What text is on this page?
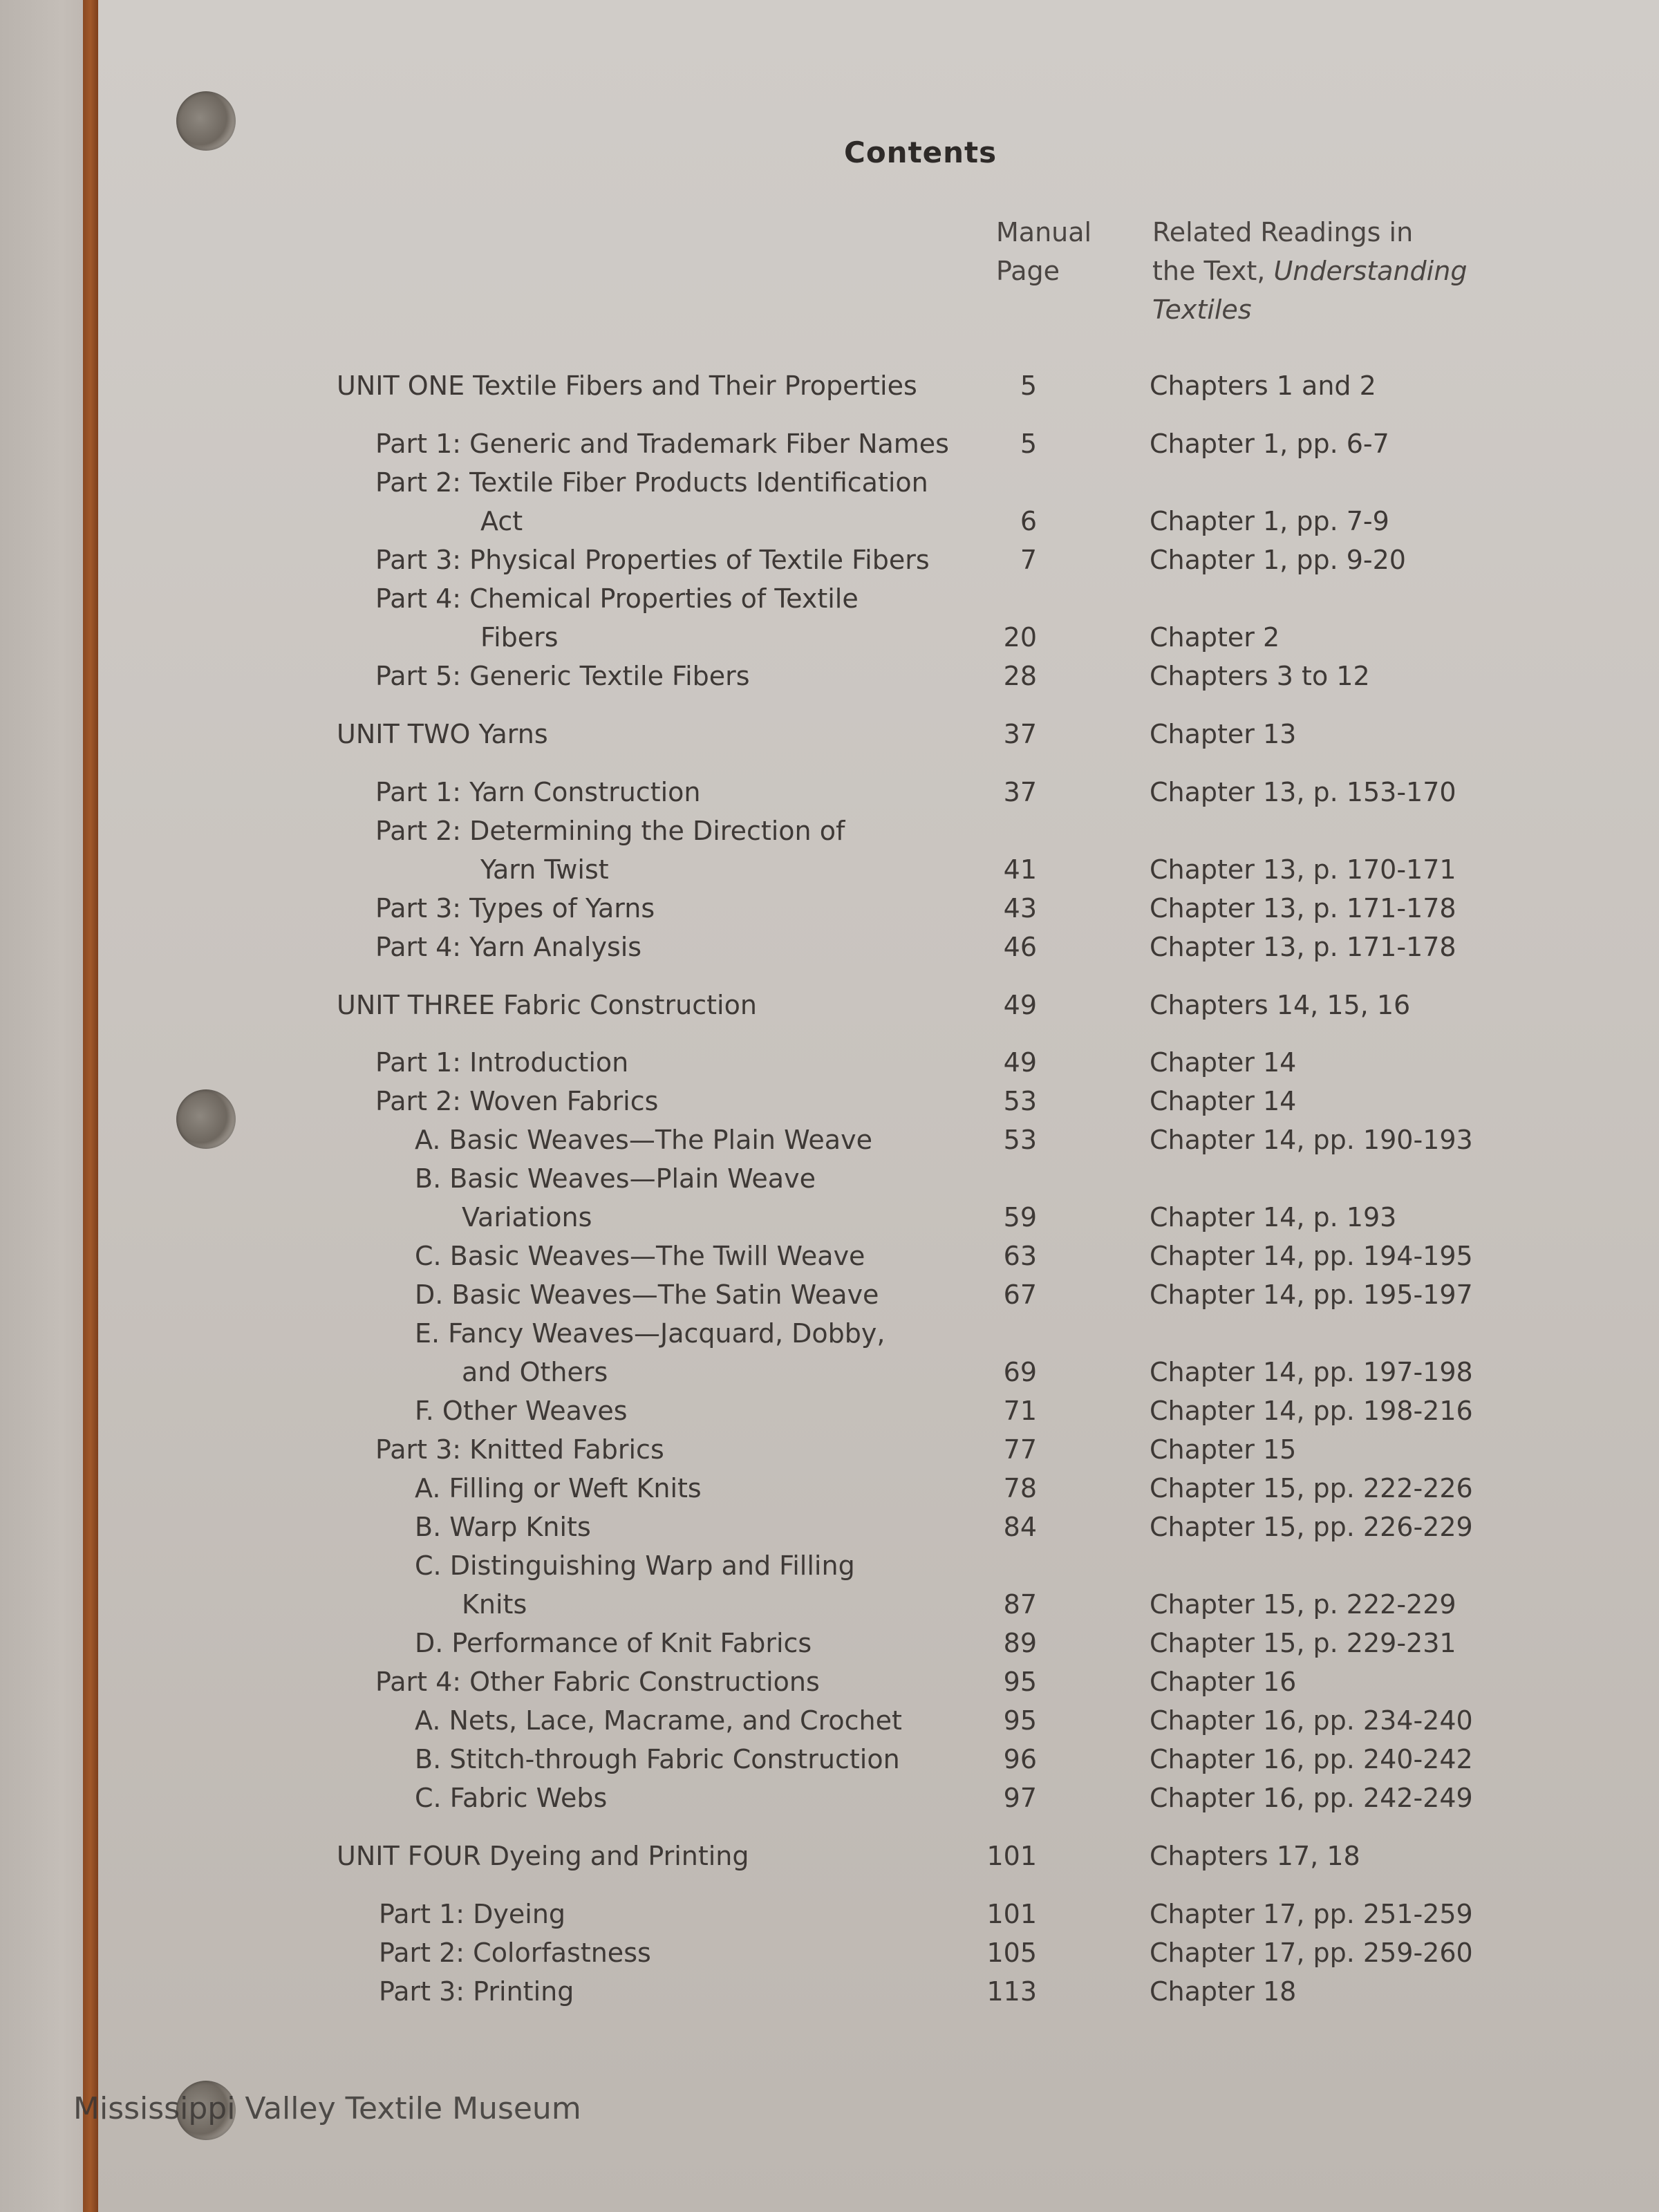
Contents
Manual
Page
Related Readings in
the Text, Understanding
Textiles
UNIT ONE Textile Fibers and Their Properties	5	Chapters 1 and 2
Part 1: Generic and Trademark Fiber Names	5	Chapter 1, pp. 6-7
Part 2: Textile Fiber Products Identification
Act	6	Chapter 1, pp. 7-9
Part 3: Physical Properties of Textile Fibers	7	Chapter 1, pp. 9-20
Part 4: Chemical Properties of Textile
Fibers	20	Chapter 2
Part 5: Generic Textile Fibers	28	Chapters 3 to 12
UNIT TWO Yarns	37	Chapter 13
Part 1: Yarn Construction	37	Chapter 13, p. 153-170
Part 2: Determining the Direction of
Yarn Twist	41	Chapter 13, p. 170-171
Part 3: Types of Yarns	43	Chapter 13, p. 171-178
Part 4: Yarn Analysis	46	Chapter 13, p. 171-178
UNIT THREE Fabric Construction	49	Chapters 14, 15, 16
Part 1: Introduction	49	Chapter 14
Part 2: Woven Fabrics	53	Chapter 14
A. Basic Weaves—The Plain Weave	53	Chapter 14, pp. 190-193
B. Basic Weaves—Plain Weave
Variations	59	Chapter 14, p. 193
C. Basic Weaves—The Twill Weave	63	Chapter 14, pp. 194-195
D. Basic Weaves—The Satin Weave	67	Chapter 14, pp. 195-197
E. Fancy Weaves—Jacquard, Dobby,
and Others	69	Chapter 14, pp. 197-198
F. Other Weaves	71	Chapter 14, pp. 198-216
Part 3: Knitted Fabrics	77	Chapter 15
A. Filling or Weft Knits	78	Chapter 15, pp. 222-226
B. Warp Knits	84	Chapter 15, pp. 226-229
C. Distinguishing Warp and Filling
Knits	87	Chapter 15, p. 222-229
D. Performance of Knit Fabrics	89	Chapter 15, p. 229-231
Part 4: Other Fabric Constructions	95	Chapter 16
A. Nets, Lace, Macrame, and Crochet	95	Chapter 16, pp. 234-240
B. Stitch-through Fabric Construction	96	Chapter 16, pp. 240-242
C. Fabric Webs	97	Chapter 16, pp. 242-249
UNIT FOUR Dyeing and Printing	101	Chapters 17, 18
Part 1: Dyeing	101	Chapter 17, pp. 251-259
Part 2: Colorfastness	105	Chapter 17, pp. 259-260
Part 3: Printing	113	Chapter 18
Mississippi Valley Textile Museum
